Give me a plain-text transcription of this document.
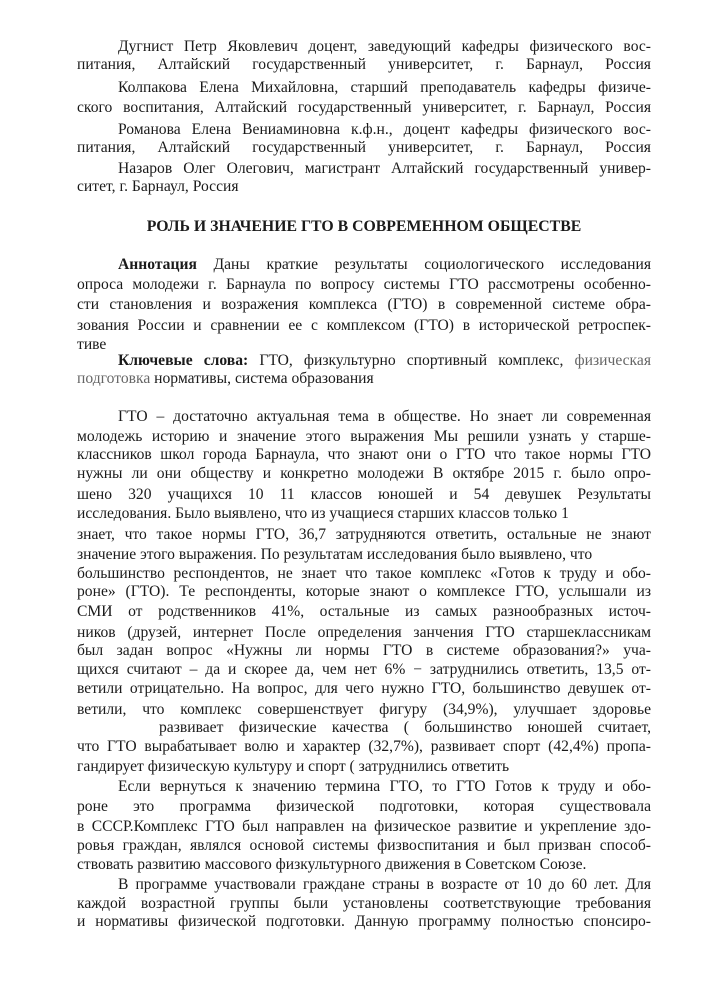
Дугнист Петр Яковлевич доцент, заведующий кафедры физического вос-
питания, Алтайский государственный университет, г. Барнаул, Россия
Колпакова Елена Михайловна, старший преподаватель кафедры физиче-
ского воспитания, Алтайский государственный университет, г. Барнаул, Россия
Романова Елена Вениаминовна к.ф.н., доцент кафедры физического вос-
питания, Алтайский государственный университет, г. Барнаул, Россия
Назаров Олег Олегович, магистрант Алтайский государственный универ-
ситет, г. Барнаул, Россия
РОЛЬ И ЗНАЧЕНИЕ ГТО В СОВРЕМЕННОМ ОБЩЕСТВЕ
Аннотация Даны краткие результаты социологического исследования
опроса молодежи г. Барнаула по вопросу системы ГТО рассмотрены особенно-
сти становления и возражения комплекса (ГТО) в современной системе обра-
зования России и сравнении ее с комплексом (ГТО) в исторической ретроспек-
тиве
Ключевые слова: ГТО, физкультурно спортивный комплекс, физическая
подготовка нормативы, система образования
ГТО – достаточно актуальная тема в обществе. Но знает ли современная
молодежь историю и значение этого выражения Мы решили узнать у старше-
классников школ города Барнаула, что знают они о ГТО что такое нормы ГТО
нужны ли они обществу и конкретно молодежи В октябре 2015 г. было опро-
шено 320 учащихся 10 11 классов юношей и 54 девушек Результаты
исследования. Было выявлено, что из учащиеся старших классов только 1
знает, что такое нормы ГТО, 36,7 затрудняются ответить, остальные не знают
значение этого выражения. По результатам исследования было выявлено, что
большинство респондентов, не знает что такое комплекс «Готов к труду и обо-
роне» (ГТО). Те респонденты, которые знают о комплексе ГТО, услышали из
СМИ от родственников 41%, остальные из самых разнообразных источ-
ников (друзей, интернет После определения занчения ГТО старшеклассникам
был задан вопрос «Нужны ли нормы ГТО в системе образования?» уча-
щихся считают – да и скорее да, чем нет 6% − затруднились ответить, 13,5 от-
ветили отрицательно. На вопрос, для чего нужно ГТО, большинство девушек от-
ветили, что комплекс совершенствует фигуру (34,9%), улучшает здоровье
развивает физические качества ( большинство юношей считает,
что ГТО вырабатывает волю и характер (32,7%), развивает спорт (42,4%) пропа-
гандирует физическую культуру и спорт ( затруднились ответить
Если вернуться к значению термина ГТО, то ГТО Готов к труду и обо-
роне это программа физической подготовки, которая существовала
в СССР.Комплекс ГТО был направлен на физическое развитие и укрепление здо-
ровья граждан, являлся основой системы физвоспитания и был призван способ-
ствовать развитию массового физкультурного движения в Советском Союзе.
В программе участвовали граждане страны в возрасте от 10 до 60 лет. Для
каждой возрастной группы были установлены соответствующие требования
и нормативы физической подготовки. Данную программу полностью спонсиро-
